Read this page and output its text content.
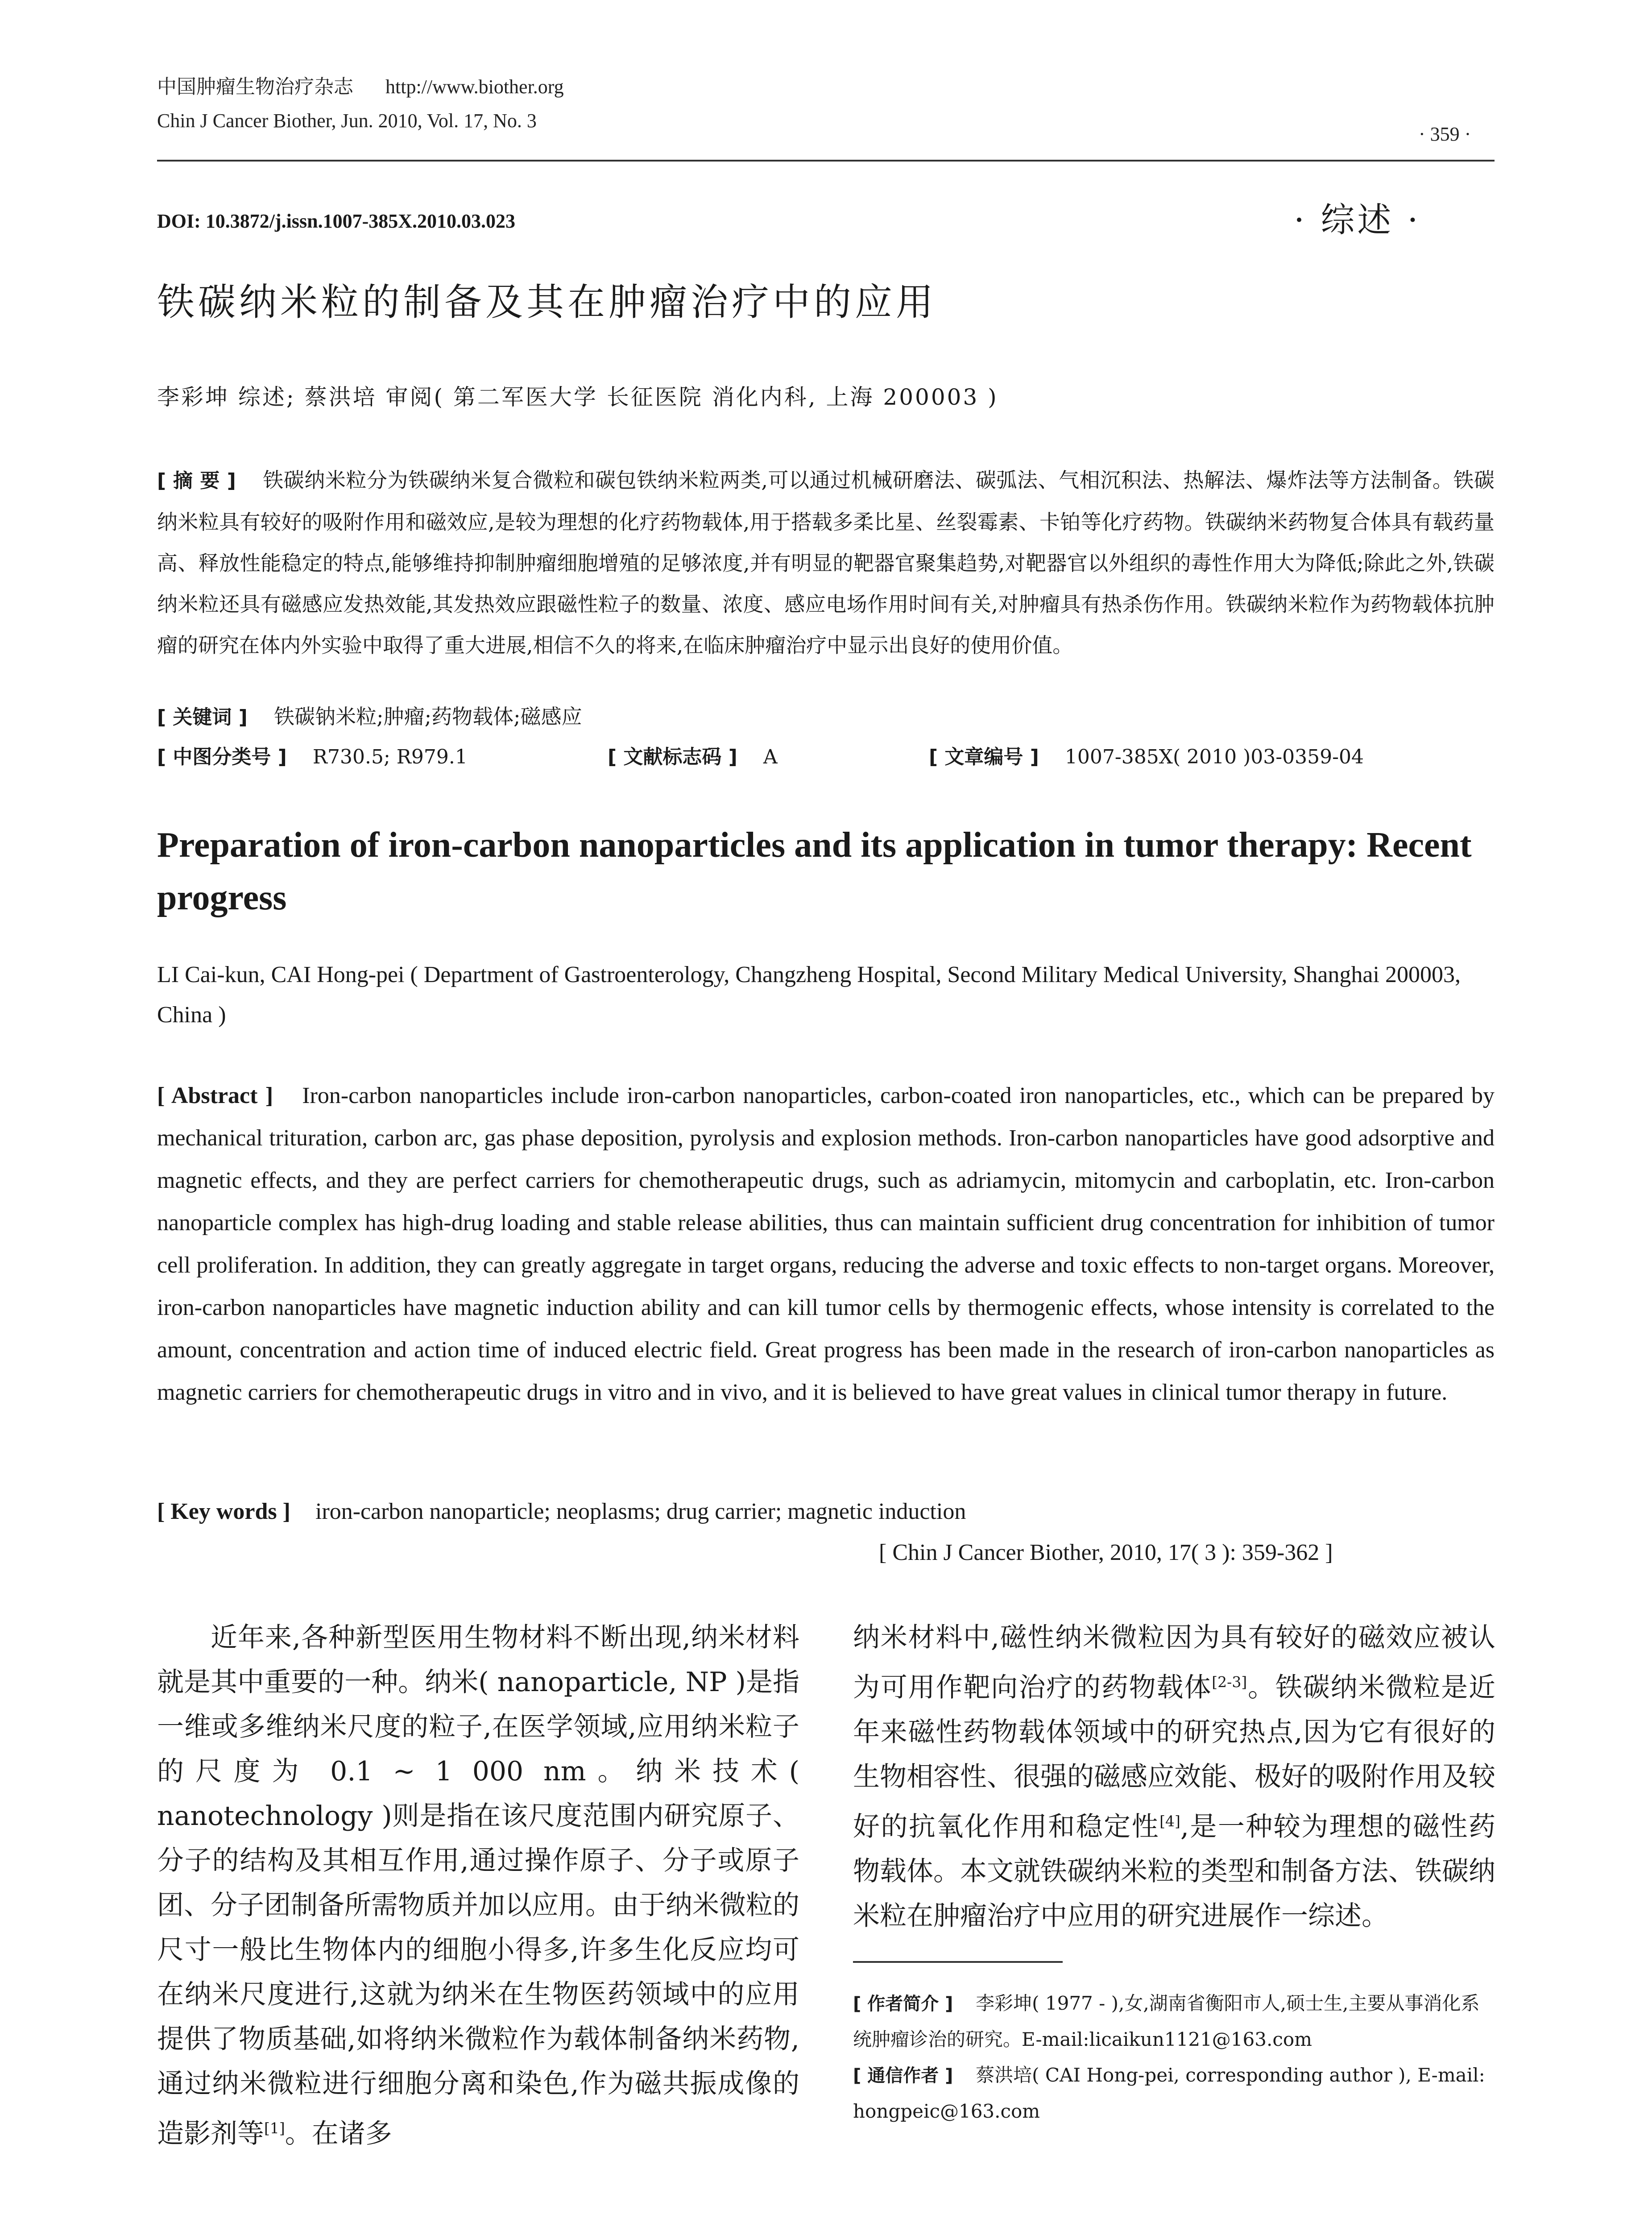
中国肿瘤生物治疗杂志 http://www.biother.org
Chin J Cancer Biother, Jun. 2010, Vol. 17, No. 3
· 359 ·
DOI: 10.3872/j.issn.1007-385X.2010.03.023	· 综述 ·
铁碳纳米粒的制备及其在肿瘤治疗中的应用
李彩坤 综述; 蔡洪培 审阅( 第二军医大学 长征医院 消化内科, 上海 200003 )
[ 摘 要 ] 铁碳纳米粒分为铁碳纳米复合微粒和碳包铁纳米粒两类,可以通过机械研磨法、碳弧法、气相沉积法、热解法、爆炸法等方法制备。铁碳纳米粒具有较好的吸附作用和磁效应,是较为理想的化疗药物载体,用于搭载多柔比星、丝裂霉素、卡铂等化疗药物。铁碳纳米药物复合体具有载药量高、释放性能稳定的特点,能够维持抑制肿瘤细胞增殖的足够浓度,并有明显的靶器官聚集趋势,对靶器官以外组织的毒性作用大为降低;除此之外,铁碳纳米粒还具有磁感应发热效能,其发热效应跟磁性粒子的数量、浓度、感应电场作用时间有关,对肿瘤具有热杀伤作用。铁碳纳米粒作为药物载体抗肿瘤的研究在体内外实验中取得了重大进展,相信不久的将来,在临床肿瘤治疗中显示出良好的使用价值。
[ 关键词 ] 铁碳钠米粒;肿瘤;药物载体;磁感应
[ 中图分类号 ] R730.5; R979.1	[ 文献标志码 ] A	[ 文章编号 ] 1007-385X( 2010 )03-0359-04
Preparation of iron-carbon nanoparticles and its application in tumor therapy: Recent progress
LI Cai-kun, CAI Hong-pei ( Department of Gastroenterology, Changzheng Hospital, Second Military Medical University, Shanghai 200003, China )
[ Abstract ] Iron-carbon nanoparticles include iron-carbon nanoparticles, carbon-coated iron nanoparticles, etc., which can be prepared by mechanical trituration, carbon arc, gas phase deposition, pyrolysis and explosion methods. Iron-carbon nanoparticles have good adsorptive and magnetic effects, and they are perfect carriers for chemotherapeutic drugs, such as adriamycin, mitomycin and carboplatin, etc. Iron-carbon nanoparticle complex has high-drug loading and stable release abilities, thus can maintain sufficient drug concentration for inhibition of tumor cell proliferation. In addition, they can greatly aggregate in target organs, reducing the adverse and toxic effects to non-target organs. Moreover, iron-carbon nanoparticles have magnetic induction ability and can kill tumor cells by thermogenic effects, whose intensity is correlated to the amount, concentration and action time of induced electric field. Great progress has been made in the research of iron-carbon nanoparticles as magnetic carriers for chemotherapeutic drugs in vitro and in vivo, and it is believed to have great values in clinical tumor therapy in future.
[ Key words ] iron-carbon nanoparticle; neoplasms; drug carrier; magnetic induction
[ Chin J Cancer Biother, 2010, 17( 3 ): 359-362 ]
近年来,各种新型医用生物材料不断出现,纳米材料就是其中重要的一种。纳米( nanoparticle, NP )是指一维或多维纳米尺度的粒子,在医学领域,应用纳米粒子的尺度为 0.1 ~ 1 000 nm。纳米技术( nanotechnology )则是指在该尺度范围内研究原子、分子的结构及其相互作用,通过操作原子、分子或原子团、分子团制备所需物质并加以应用。由于纳米微粒的尺寸一般比生物体内的细胞小得多,许多生化反应均可在纳米尺度进行,这就为纳米在生物医药领域中的应用提供了物质基础,如将纳米微粒作为载体制备纳米药物,通过纳米微粒进行细胞分离和染色,作为磁共振成像的造影剂等[1]。在诸多
纳米材料中,磁性纳米微粒因为具有较好的磁效应被认为可用作靶向治疗的药物载体[2-3]。铁碳纳米微粒是近年来磁性药物载体领域中的研究热点,因为它有很好的生物相容性、很强的磁感应效能、极好的吸附作用及较好的抗氧化作用和稳定性[4],是一种较为理想的磁性药物载体。本文就铁碳纳米粒的类型和制备方法、铁碳纳米粒在肿瘤治疗中应用的研究进展作一综述。
[ 作者简介 ] 李彩坤( 1977 - ),女,湖南省衡阳市人,硕士生,主要从事消化系统肿瘤诊治的研究。E-mail:licaikun1121@163.com
[ 通信作者 ] 蔡洪培( CAI Hong-pei, corresponding author ), E-mail: hongpeic@163.com
